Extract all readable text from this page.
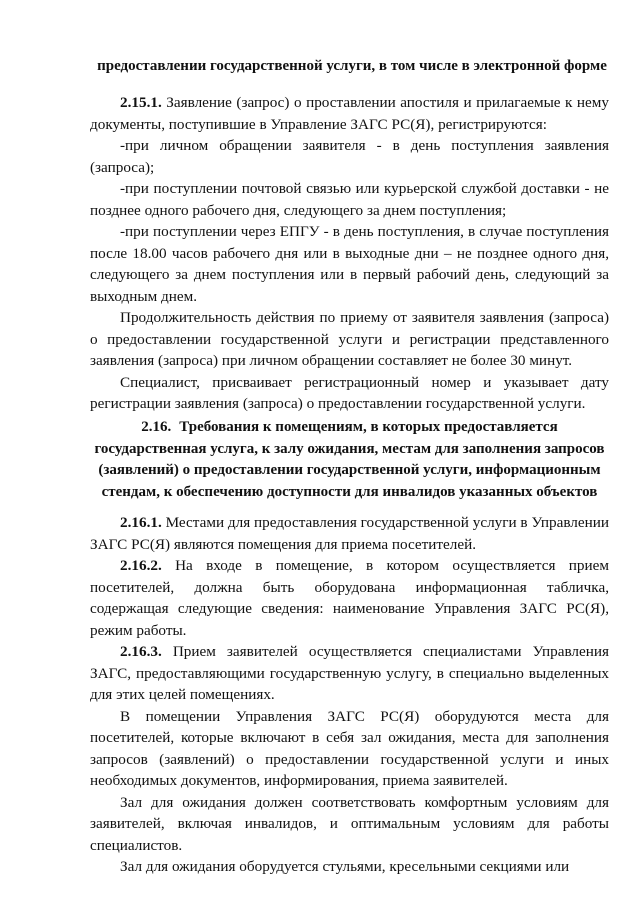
предоставлении государственной услуги, в том числе в электронной форме

2.15.1. Заявление (запрос) о проставлении апостиля и прилагаемые к нему документы, поступившие в Управление ЗАГС РС(Я), регистрируются:

-при личном обращении заявителя - в день поступления заявления (запроса);

-при поступлении почтовой связью или курьерской службой доставки - не позднее одного рабочего дня, следующего за днем поступления;

-при поступлении через ЕПГУ - в день поступления, в случае поступления после 18.00 часов рабочего дня или в выходные дни – не позднее одного дня, следующего за днем поступления или в первый рабочий день, следующий за выходным днем.

Продолжительность действия по приему от заявителя заявления (запроса) о предоставлении государственной услуги и регистрации представленного заявления (запроса) при личном обращении составляет не более 30 минут.

Специалист, присваивает регистрационный номер и указывает дату регистрации заявления (запроса) о предоставлении государственной услуги.

2.16. Требования к помещениям, в которых предоставляется государственная услуга, к залу ожидания, местам для заполнения запросов (заявлений) о предоставлении государственной услуги, информационным стендам, к обеспечению доступности для инвалидов указанных объектов

2.16.1. Местами для предоставления государственной услуги в Управлении ЗАГС РС(Я) являются помещения для приема посетителей.

2.16.2. На входе в помещение, в котором осуществляется прием посетителей, должна быть оборудована информационная табличка, содержащая следующие сведения: наименование Управления ЗАГС РС(Я), режим работы.

2.16.3. Прием заявителей осуществляется специалистами Управления ЗАГС, предоставляющими государственную услугу, в специально выделенных для этих целей помещениях.

В помещении Управления ЗАГС РС(Я) оборудуются места для посетителей, которые включают в себя зал ожидания, места для заполнения запросов (заявлений) о предоставлении государственной услуги и иных необходимых документов, информирования, приема заявителей.

Зал для ожидания должен соответствовать комфортным условиям для заявителей, включая инвалидов, и оптимальным условиям для работы специалистов.

Зал для ожидания оборудуется стульями, кресельными секциями или
